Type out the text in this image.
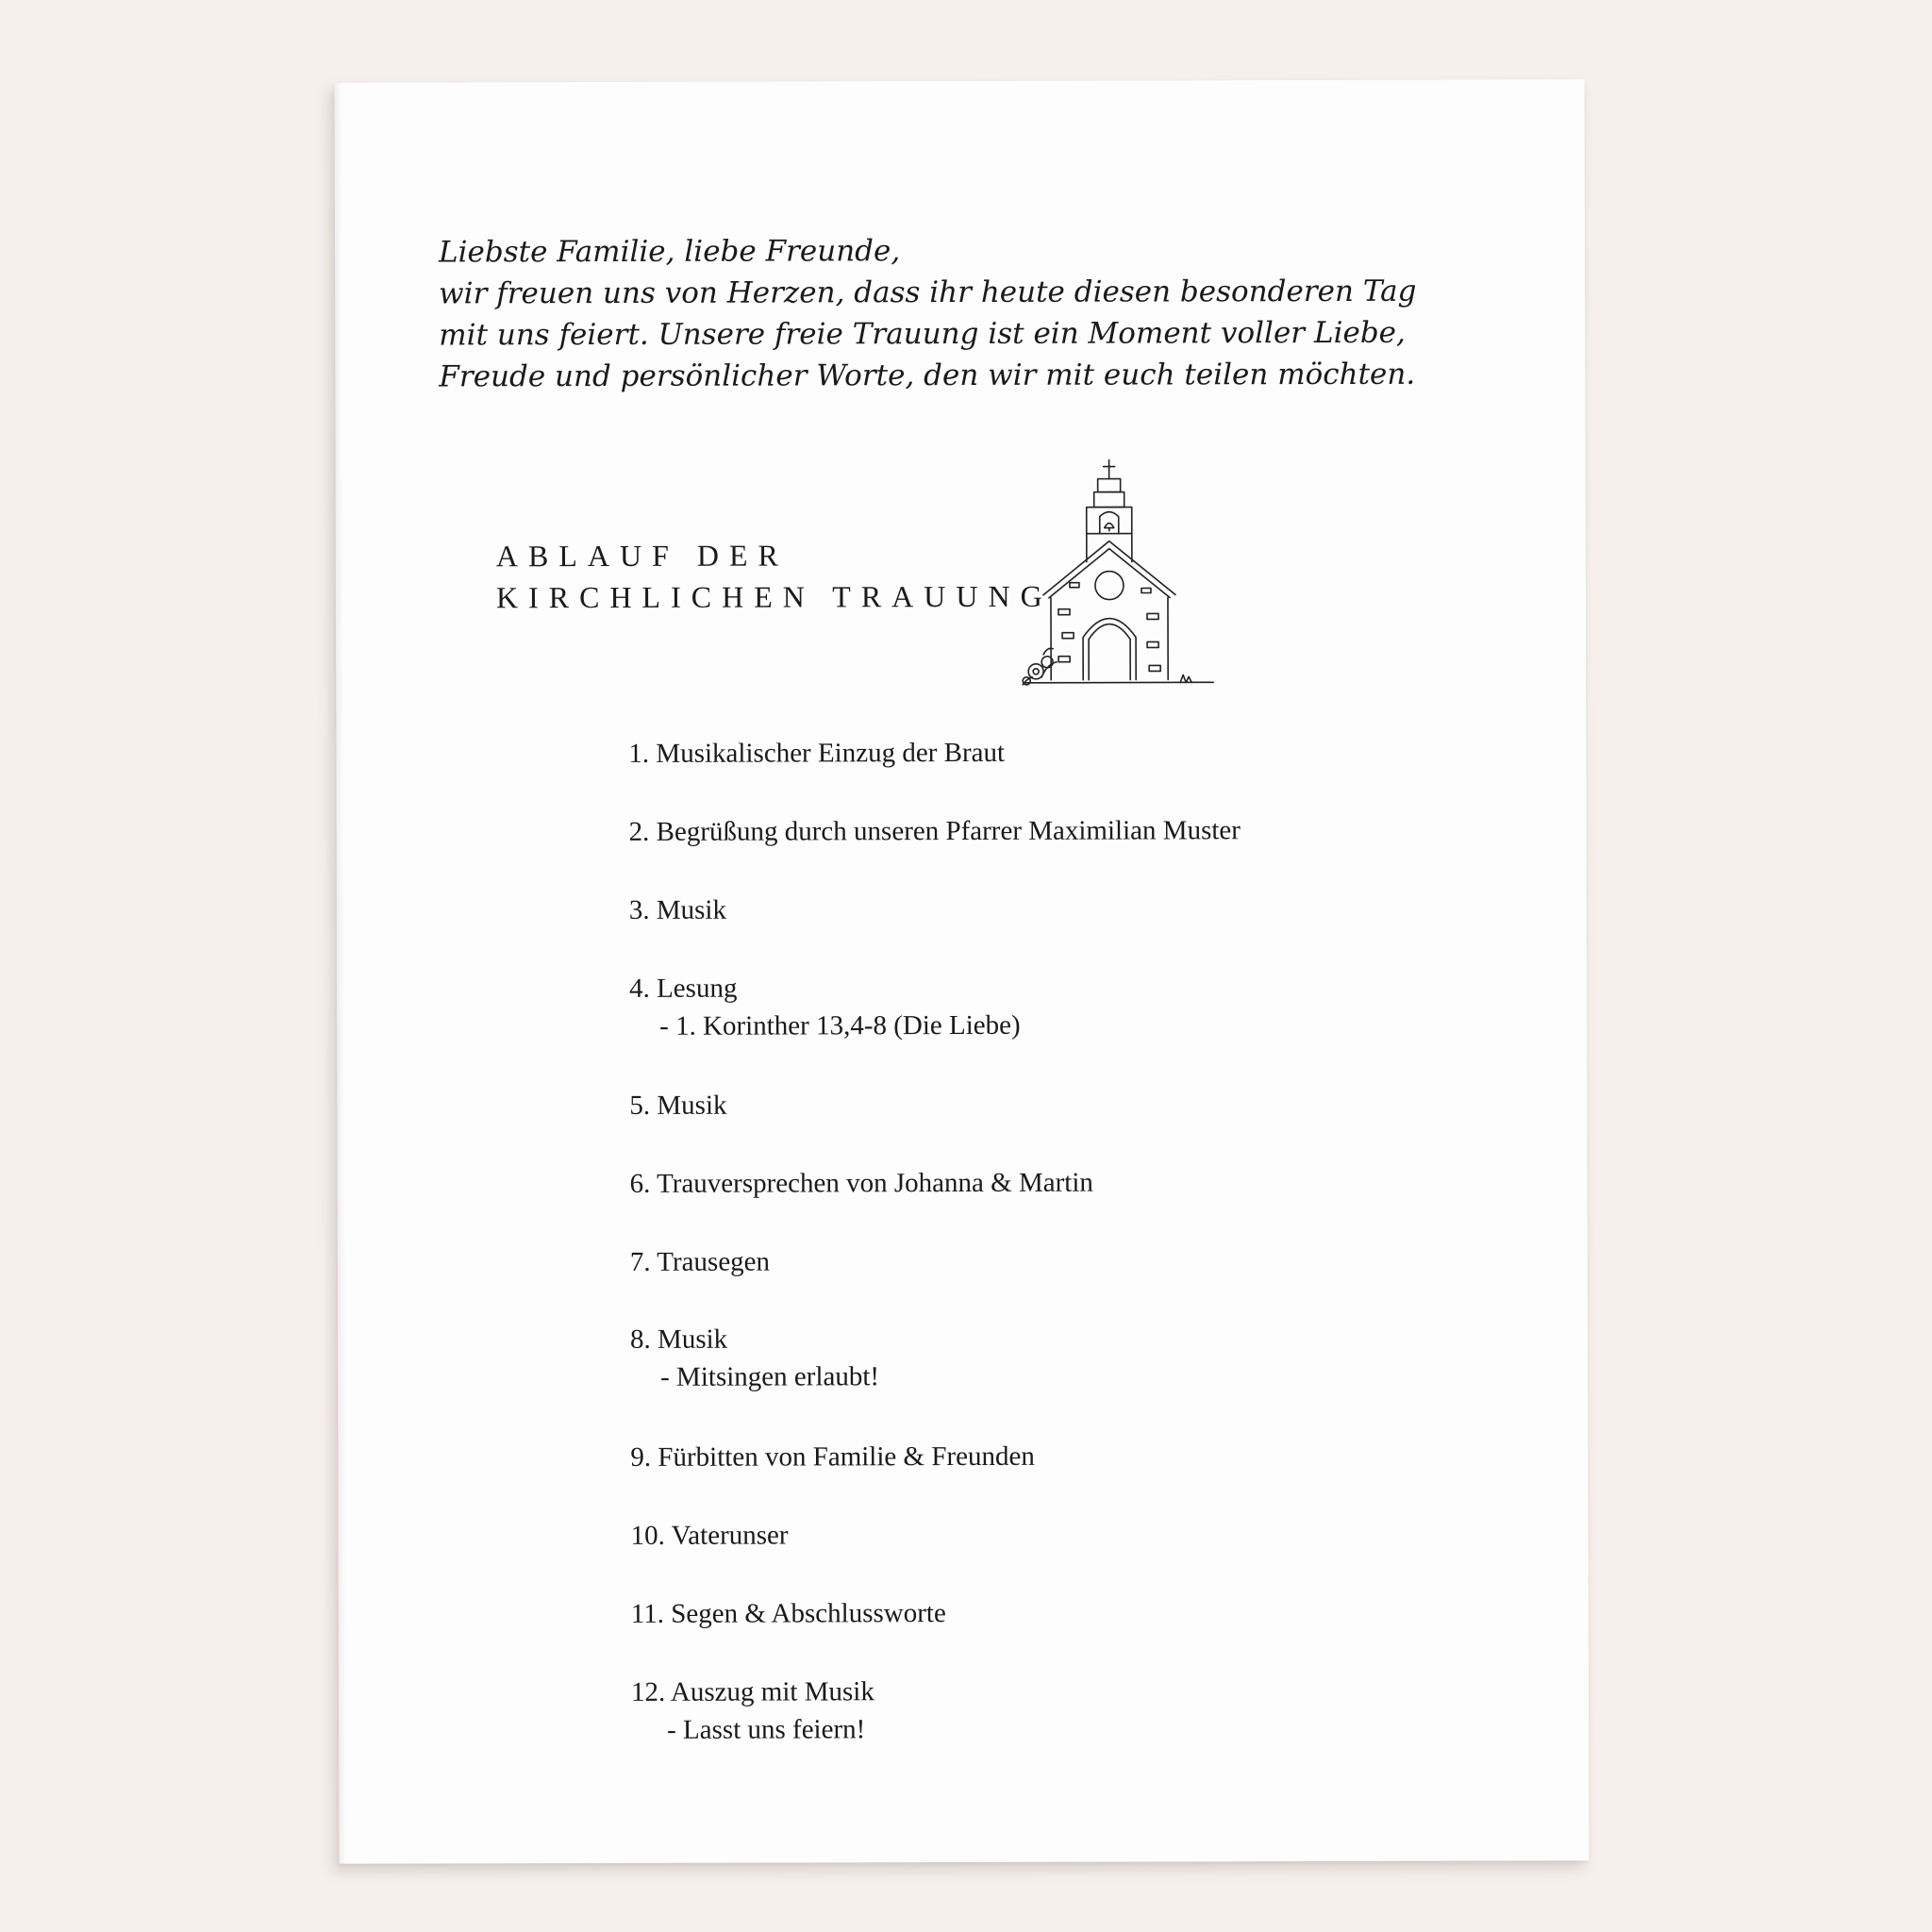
Liebste Familie, liebe Freunde,
wir freuen uns von Herzen, dass ihr heute diesen besonderen Tag
mit uns feiert. Unsere freie Trauung ist ein Moment voller Liebe,
Freude und persönlicher Worte, den wir mit euch teilen möchten.
ABLAUF DER
KIRCHLICHEN TRAUUNG
1. Musikalischer Einzug der Braut
2. Begrüßung durch unseren Pfarrer Maximilian Muster
3. Musik
4. Lesung
- 1. Korinther 13,4-8 (Die Liebe)
5. Musik
6. Trauversprechen von Johanna & Martin
7. Trausegen
8. Musik
- Mitsingen erlaubt!
9. Fürbitten von Familie & Freunden
10. Vaterunser
11. Segen & Abschlussworte
12. Auszug mit Musik
- Lasst uns feiern!
